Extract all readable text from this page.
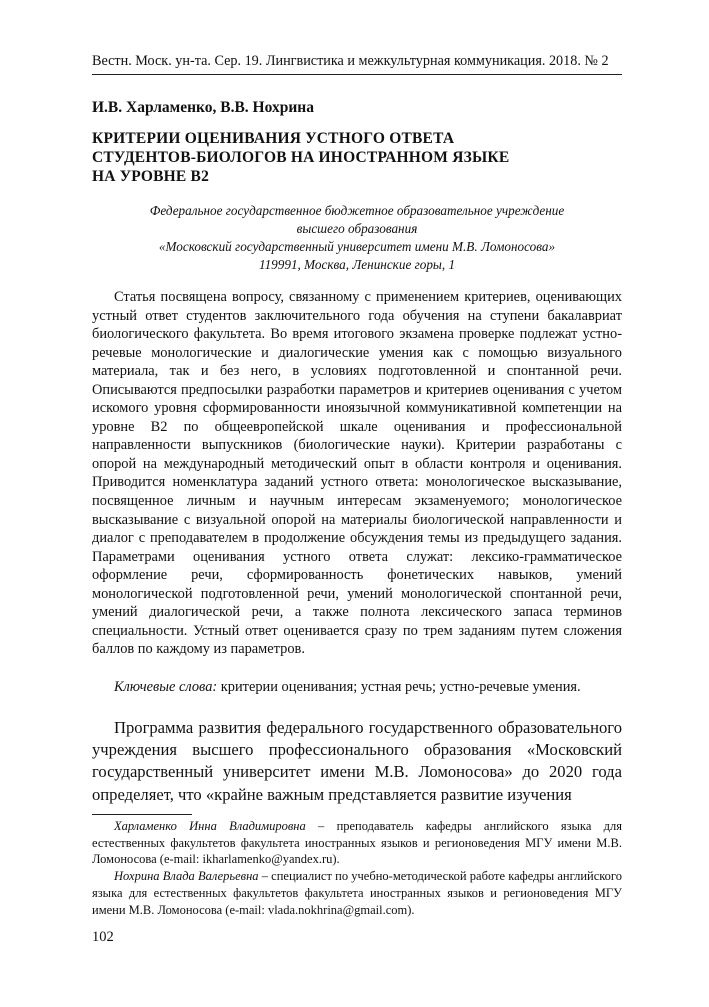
Вестн. Моск. ун-та. Сер. 19. Лингвистика и межкультурная коммуникация. 2018. № 2
И.В. Харламенко, В.В. Нохрина
КРИТЕРИИ ОЦЕНИВАНИЯ УСТНОГО ОТВЕТА
СТУДЕНТОВ-БИОЛОГОВ НА ИНОСТРАННОМ ЯЗЫКЕ
НА УРОВНЕ В2
Федеральное государственное бюджетное образовательное учреждение
высшего образования
«Московский государственный университет имени М.В. Ломоносова»
119991, Москва, Ленинские горы, 1

Статья посвящена вопросу, связанному с применением критериев, оценивающих устный ответ студентов заключительного года обучения на ступени бакалавриат биологического факультета. Во время итогового экзамена проверке подлежат устно-речевые монологические и диалогические умения как с помощью визуального материала, так и без него, в условиях подготовленной и спонтанной речи. Описываются предпосылки разработки параметров и критериев оценивания с учетом искомого уровня сформированности иноязычной коммуникативной компетенции на уровне B2 по общеевропейской шкале оценивания и профессиональной направленности выпускников (биологические науки). Критерии разработаны с опорой на международный методический опыт в области контроля и оценивания. Приводится номенклатура заданий устного ответа: монологическое высказывание, посвященное личным и научным интересам экзаменуемого; монологическое высказывание с визуальной опорой на материалы биологической направленности и диалог с преподавателем в продолжение обсуждения темы из предыдущего задания. Параметрами оценивания устного ответа служат: лексико-грамматическое оформление речи, сформированность фонетических навыков, умений монологической подготовленной речи, умений монологической спонтанной речи, умений диалогической речи, а также полнота лексического запаса терминов специальности. Устный ответ оценивается сразу по трем заданиям путем сложения баллов по каждому из параметров.

Ключевые слова: критерии оценивания; устная речь; устно-речевые умения.

Программа развития федерального государственного образовательного учреждения высшего профессионального образования «Московский государственный университет имени М.В. Ломоносова» до 2020 года определяет, что «крайне важным представляется развитие изучения

Харламенко Инна Владимировна – преподаватель кафедры английского языка для естественных факультетов факультета иностранных языков и регионоведения МГУ имени М.В. Ломоносова (e-mail: ikharlamenko@yandex.ru).

Нохрина Влада Валерьевна – специалист по учебно-методической работе кафедры английского языка для естественных факультетов факультета иностранных языков и регионоведения МГУ имени М.В. Ломоносова (e-mail: vlada.nokhrina@gmail.com).

102
